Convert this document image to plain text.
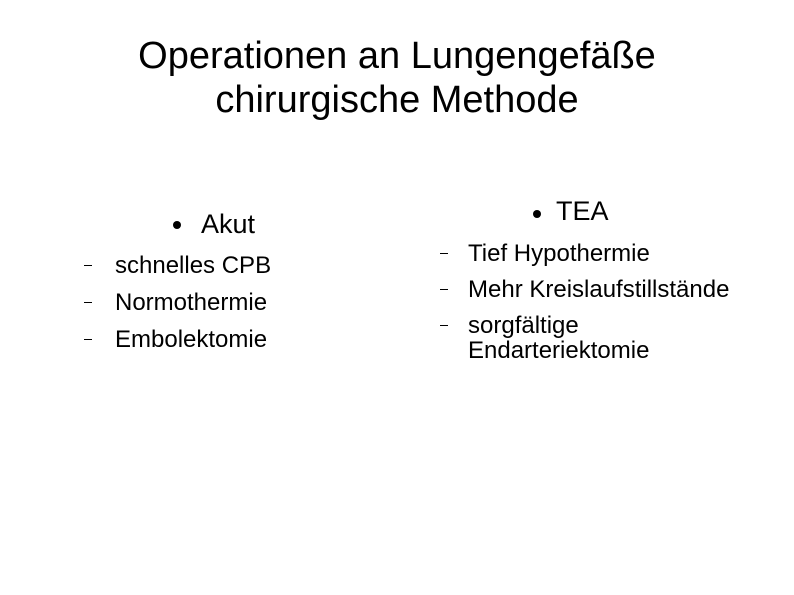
Operationen an Lungengefäße
chirurgische Methode
Akut
schnelles CPB
Normothermie
Embolektomie
TEA
Tief Hypothermie
Mehr Kreislaufstillstände
sorgfältige Endarteriektomie
